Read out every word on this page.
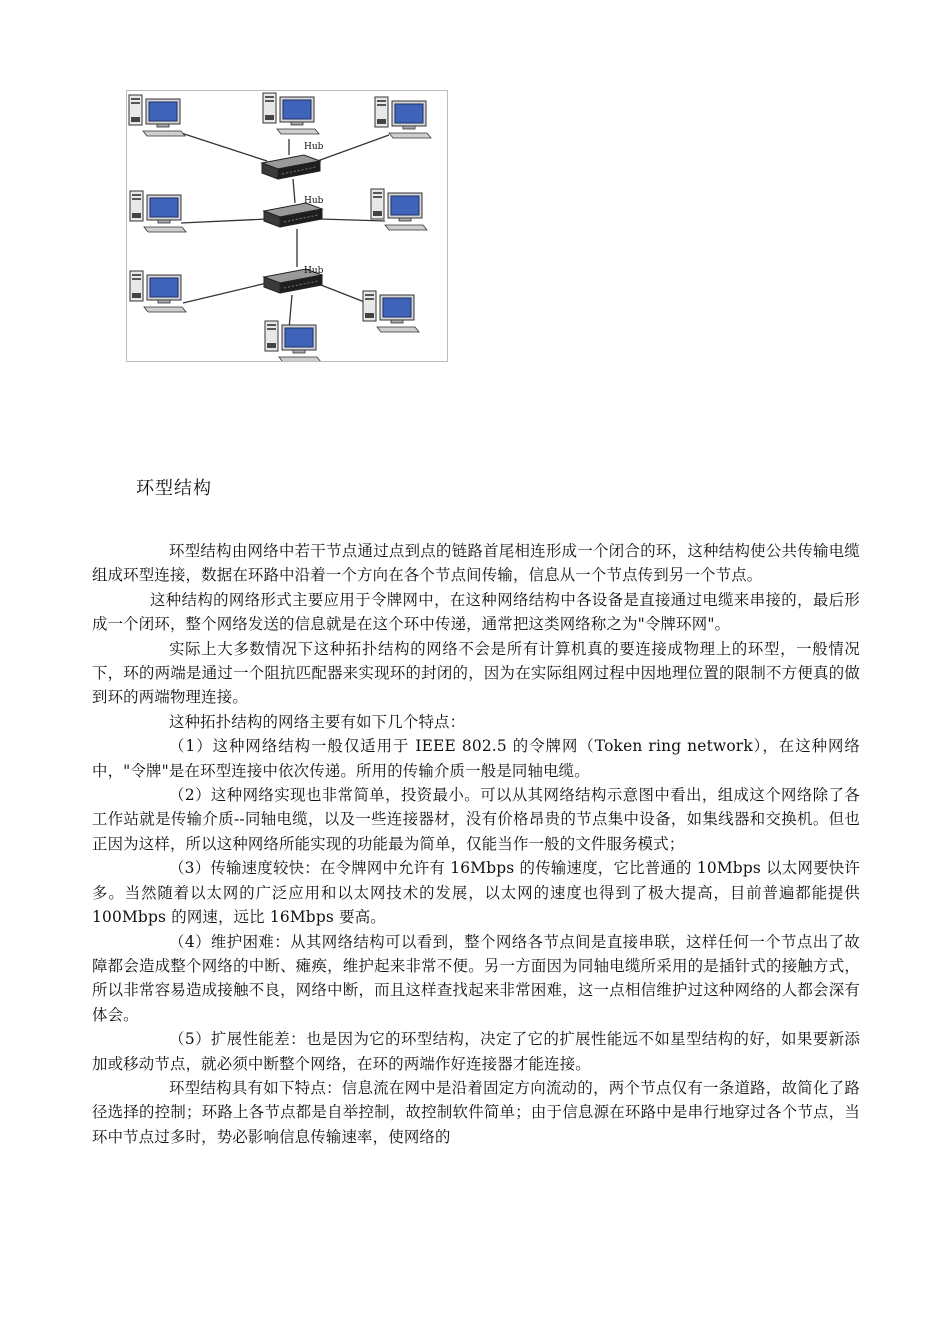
Hub
Hub
Hub
环型结构

环型结构由网络中若干节点通过点到点的链路首尾相连形成一个闭合的环，这种结构使公共传输电缆组成环型连接，数据在环路中沿着一个方向在各个节点间传输，信息从一个节点传到另一个节点。

这种结构的网络形式主要应用于令牌网中，在这种网络结构中各设备是直接通过电缆来串接的，最后形成一个闭环，整个网络发送的信息就是在这个环中传递，通常把这类网络称之为"令牌环网"。

实际上大多数情况下这种拓扑结构的网络不会是所有计算机真的要连接成物理上的环型，一般情况下，环的两端是通过一个阻抗匹配器来实现环的封闭的，因为在实际组网过程中因地理位置的限制不方便真的做到环的两端物理连接。

这种拓扑结构的网络主要有如下几个特点：

（1）这种网络结构一般仅适用于 IEEE 802.5 的令牌网（Token ring network），在这种网络中，"令牌"是在环型连接中依次传递。所用的传输介质一般是同轴电缆。

（2）这种网络实现也非常简单，投资最小。可以从其网络结构示意图中看出，组成这个网络除了各工作站就是传输介质--同轴电缆，以及一些连接器材，没有价格昂贵的节点集中设备，如集线器和交换机。但也正因为这样，所以这种网络所能实现的功能最为简单，仅能当作一般的文件服务模式；

（3）传输速度较快：在令牌网中允许有 16Mbps 的传输速度，它比普通的 10Mbps 以太网要快许多。当然随着以太网的广泛应用和以太网技术的发展，以太网的速度也得到了极大提高，目前普遍都能提供 100Mbps 的网速，远比 16Mbps 要高。

（4）维护困难：从其网络结构可以看到，整个网络各节点间是直接串联，这样任何一个节点出了故障都会造成整个网络的中断、瘫痪，维护起来非常不便。另一方面因为同轴电缆所采用的是插针式的接触方式，所以非常容易造成接触不良，网络中断，而且这样查找起来非常困难，这一点相信维护过这种网络的人都会深有体会。

（5）扩展性能差：也是因为它的环型结构，决定了它的扩展性能远不如星型结构的好，如果要新添加或移动节点，就必须中断整个网络，在环的两端作好连接器才能连接。

环型结构具有如下特点：信息流在网中是沿着固定方向流动的，两个节点仅有一条道路，故简化了路径选择的控制；环路上各节点都是自举控制，故控制软件简单；由于信息源在环路中是串行地穿过各个节点，当环中节点过多时，势必影响信息传输速率，使网络的
